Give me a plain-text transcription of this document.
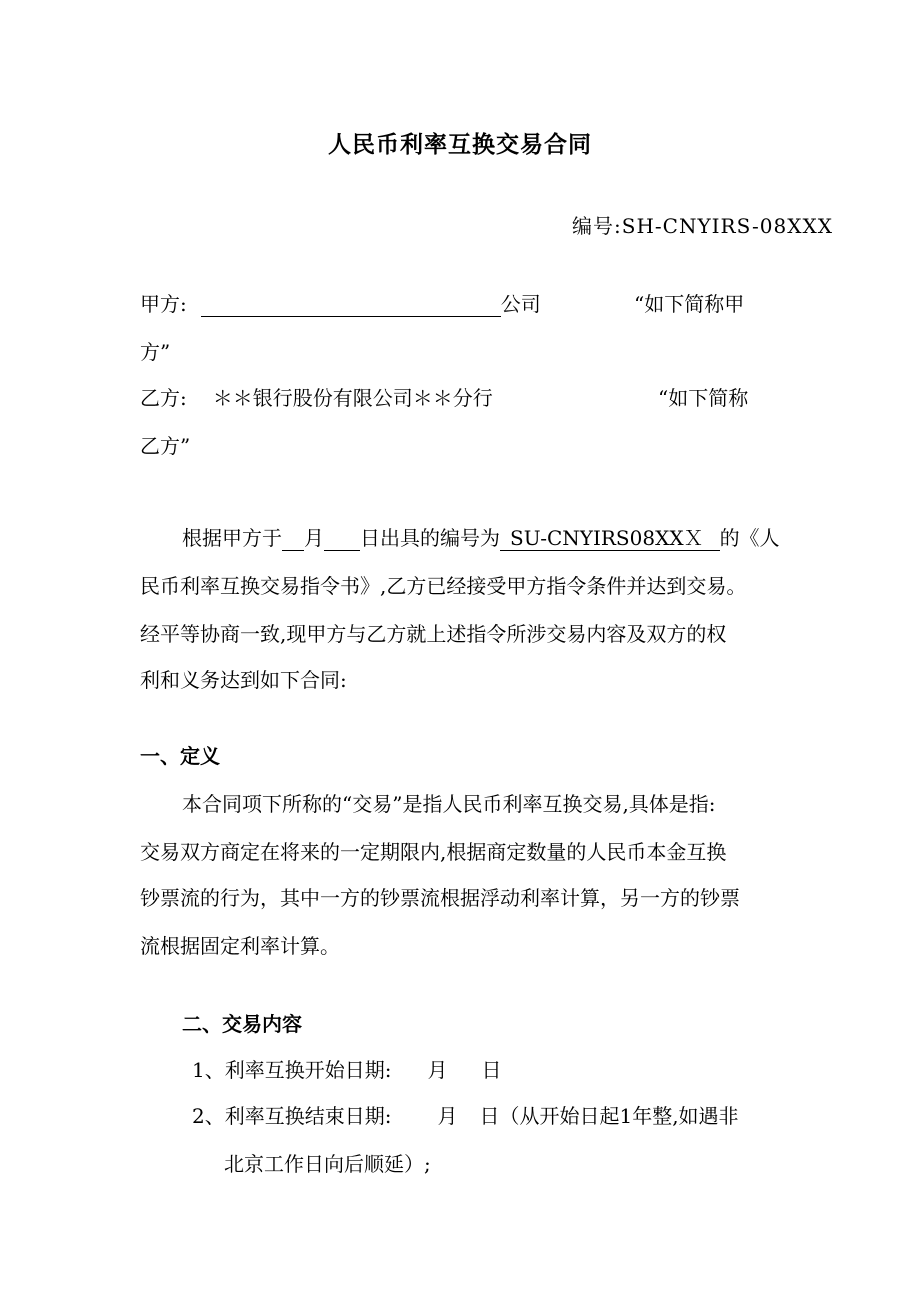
人民币利率互换交易合同
编号:SH-CNYIRS-08XXX
甲方:	公司	“如下简称甲
方”
乙方: ＊＊银行股份有限公司＊＊分行	“如下简称
乙方”
根据甲方于 月 日出具的编号为 SU-CNYIRS08XXＸ 的《人
民币利率互换交易指令书》,乙方已经接受甲方指令条件并达到交易。
经平等协商一致,现甲方与乙方就上述指令所涉交易内容及双方的权
利和义务达到如下合同:
一、定义
本合同项下所称的“交易”是指人民币利率互换交易,具体是指:
交易双方商定在将来的一定期限内,根据商定数量的人民币本金互换
钞票流的行为，其中一方的钞票流根据浮动利率计算，另一方的钞票
流根据固定利率计算。
二、交易内容
1、利率互换开始日期: 月 日
2、利率互换结束日期: 月 日（从开始日起1年整,如遇非
北京工作日向后顺延）;
